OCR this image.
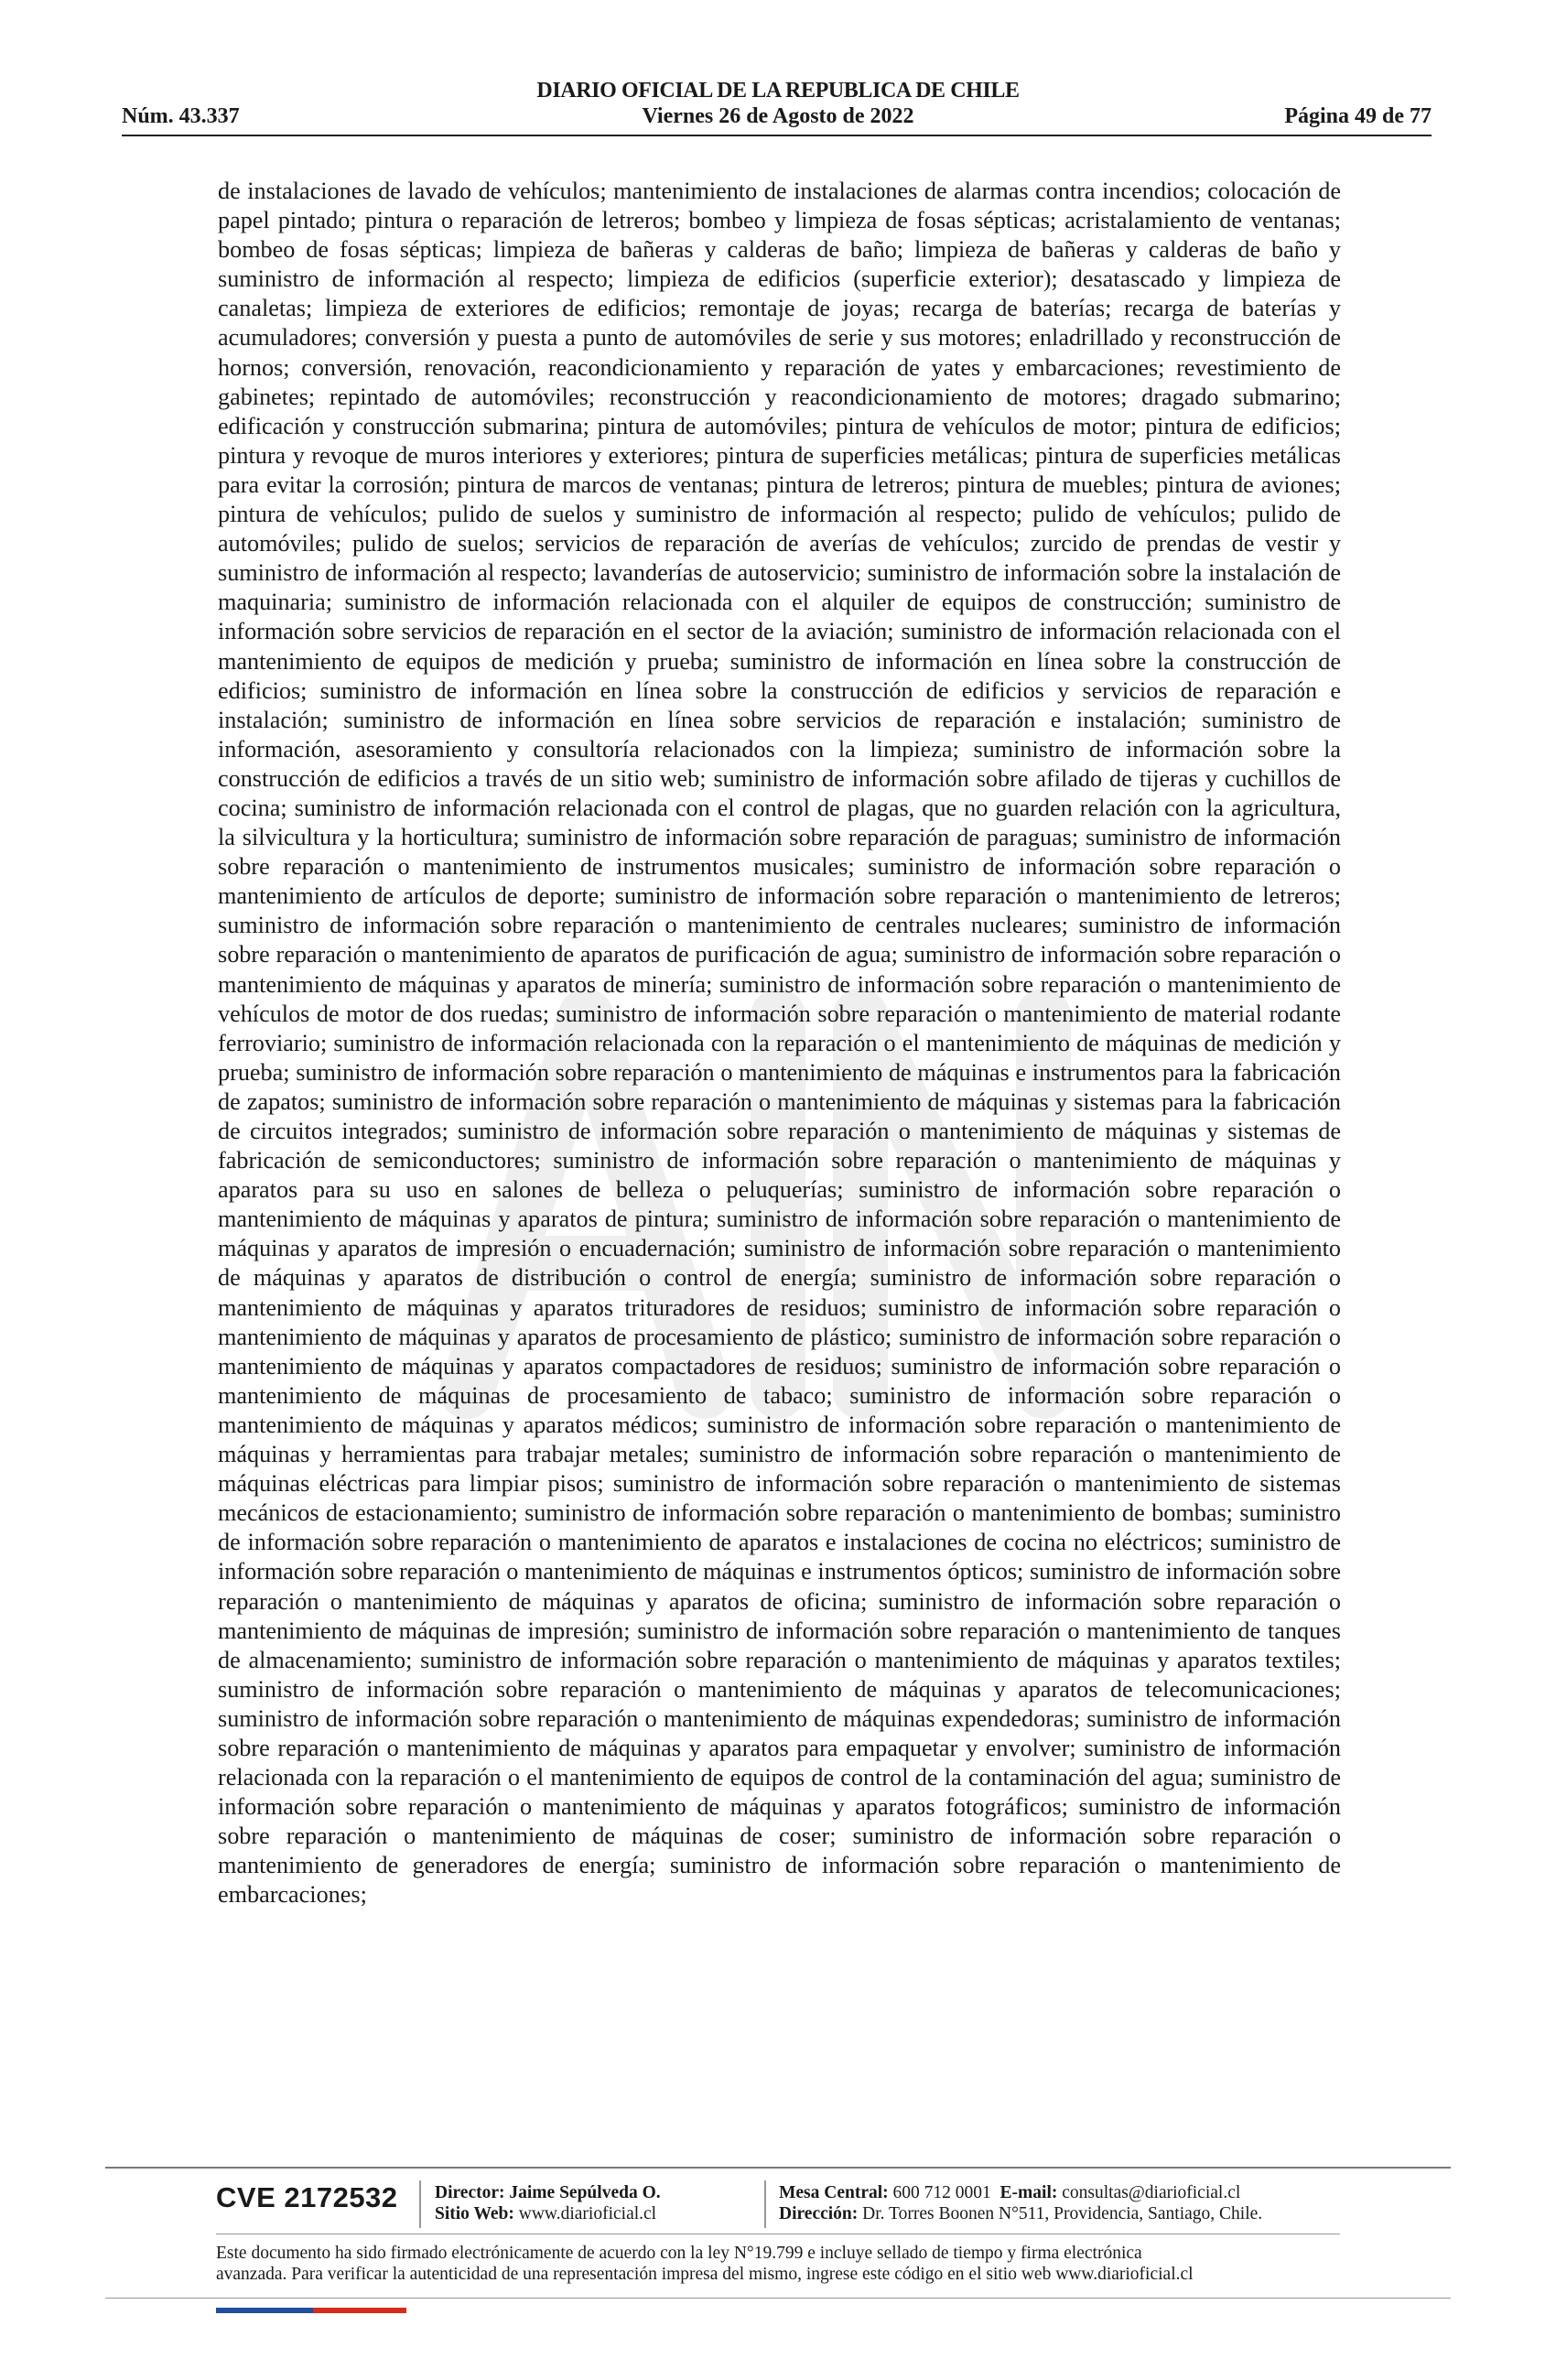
DIARIO OFICIAL DE LA REPUBLICA DE CHILE
Núm. 43.337	Viernes 26 de Agosto de 2022	Página 49 de 77
de instalaciones de lavado de vehículos; mantenimiento de instalaciones de alarmas contra incendios; colocación de papel pintado; pintura o reparación de letreros; bombeo y limpieza de fosas sépticas; acristalamiento de ventanas; bombeo de fosas sépticas; limpieza de bañeras y calderas de baño; limpieza de bañeras y calderas de baño y suministro de información al respecto; limpieza de edificios (superficie exterior); desatascado y limpieza de canaletas; limpieza de exteriores de edificios; remontaje de joyas; recarga de baterías; recarga de baterías y acumuladores; conversión y puesta a punto de automóviles de serie y sus motores; enladrillado y reconstrucción de hornos; conversión, renovación, reacondicionamiento y reparación de yates y embarcaciones; revestimiento de gabinetes; repintado de automóviles; reconstrucción y reacondicionamiento de motores; dragado submarino; edificación y construcción submarina; pintura de automóviles; pintura de vehículos de motor; pintura de edificios; pintura y revoque de muros interiores y exteriores; pintura de superficies metálicas; pintura de superficies metálicas para evitar la corrosión; pintura de marcos de ventanas; pintura de letreros; pintura de muebles; pintura de aviones; pintura de vehículos; pulido de suelos y suministro de información al respecto; pulido de vehículos; pulido de automóviles; pulido de suelos; servicios de reparación de averías de vehículos; zurcido de prendas de vestir y suministro de información al respecto; lavanderías de autoservicio; suministro de información sobre la instalación de maquinaria; suministro de información relacionada con el alquiler de equipos de construcción; suministro de información sobre servicios de reparación en el sector de la aviación; suministro de información relacionada con el mantenimiento de equipos de medición y prueba; suministro de información en línea sobre la construcción de edificios; suministro de información en línea sobre la construcción de edificios y servicios de reparación e instalación; suministro de información en línea sobre servicios de reparación e instalación; suministro de información, asesoramiento y consultoría relacionados con la limpieza; suministro de información sobre la construcción de edificios a través de un sitio web; suministro de información sobre afilado de tijeras y cuchillos de cocina; suministro de información relacionada con el control de plagas, que no guarden relación con la agricultura, la silvicultura y la horticultura; suministro de información sobre reparación de paraguas; suministro de información sobre reparación o mantenimiento de instrumentos musicales; suministro de información sobre reparación o mantenimiento de artículos de deporte; suministro de información sobre reparación o mantenimiento de letreros; suministro de información sobre reparación o mantenimiento de centrales nucleares; suministro de información sobre reparación o mantenimiento de aparatos de purificación de agua; suministro de información sobre reparación o mantenimiento de máquinas y aparatos de minería; suministro de información sobre reparación o mantenimiento de vehículos de motor de dos ruedas; suministro de información sobre reparación o mantenimiento de material rodante ferroviario; suministro de información relacionada con la reparación o el mantenimiento de máquinas de medición y prueba; suministro de información sobre reparación o mantenimiento de máquinas e instrumentos para la fabricación de zapatos; suministro de información sobre reparación o mantenimiento de máquinas y sistemas para la fabricación de circuitos integrados; suministro de información sobre reparación o mantenimiento de máquinas y sistemas de fabricación de semiconductores; suministro de información sobre reparación o mantenimiento de máquinas y aparatos para su uso en salones de belleza o peluquerías; suministro de información sobre reparación o mantenimiento de máquinas y aparatos de pintura; suministro de información sobre reparación o mantenimiento de máquinas y aparatos de impresión o encuadernación; suministro de información sobre reparación o mantenimiento de máquinas y aparatos de distribución o control de energía; suministro de información sobre reparación o mantenimiento de máquinas y aparatos trituradores de residuos; suministro de información sobre reparación o mantenimiento de máquinas y aparatos de procesamiento de plástico; suministro de información sobre reparación o mantenimiento de máquinas y aparatos compactadores de residuos; suministro de información sobre reparación o mantenimiento de máquinas de procesamiento de tabaco; suministro de información sobre reparación o mantenimiento de máquinas y aparatos médicos; suministro de información sobre reparación o mantenimiento de máquinas y herramientas para trabajar metales; suministro de información sobre reparación o mantenimiento de máquinas eléctricas para limpiar pisos; suministro de información sobre reparación o mantenimiento de sistemas mecánicos de estacionamiento; suministro de información sobre reparación o mantenimiento de bombas; suministro de información sobre reparación o mantenimiento de aparatos e instalaciones de cocina no eléctricos; suministro de información sobre reparación o mantenimiento de máquinas e instrumentos ópticos; suministro de información sobre reparación o mantenimiento de máquinas y aparatos de oficina; suministro de información sobre reparación o mantenimiento de máquinas de impresión; suministro de información sobre reparación o mantenimiento de tanques de almacenamiento; suministro de información sobre reparación o mantenimiento de máquinas y aparatos textiles; suministro de información sobre reparación o mantenimiento de máquinas y aparatos de telecomunicaciones; suministro de información sobre reparación o mantenimiento de máquinas expendedoras; suministro de información sobre reparación o mantenimiento de máquinas y aparatos para empaquetar y envolver; suministro de información relacionada con la reparación o el mantenimiento de equipos de control de la contaminación del agua; suministro de información sobre reparación o mantenimiento de máquinas y aparatos fotográficos; suministro de información sobre reparación o mantenimiento de máquinas de coser; suministro de información sobre reparación o mantenimiento de generadores de energía; suministro de información sobre reparación o mantenimiento de embarcaciones;
CVE 2172532 Director: Jaime Sepúlveda O.
Sitio Web: www.diarioficial.cl
Mesa Central: 600 712 0001 E-mail: consultas@diarioficial.cl
Dirección: Dr. Torres Boonen N°511, Providencia, Santiago, Chile.
Este documento ha sido firmado electrónicamente de acuerdo con la ley N°19.799 e incluye sellado de tiempo y firma electrónica
avanzada. Para verificar la autenticidad de una representación impresa del mismo, ingrese este código en el sitio web www.diarioficial.cl
